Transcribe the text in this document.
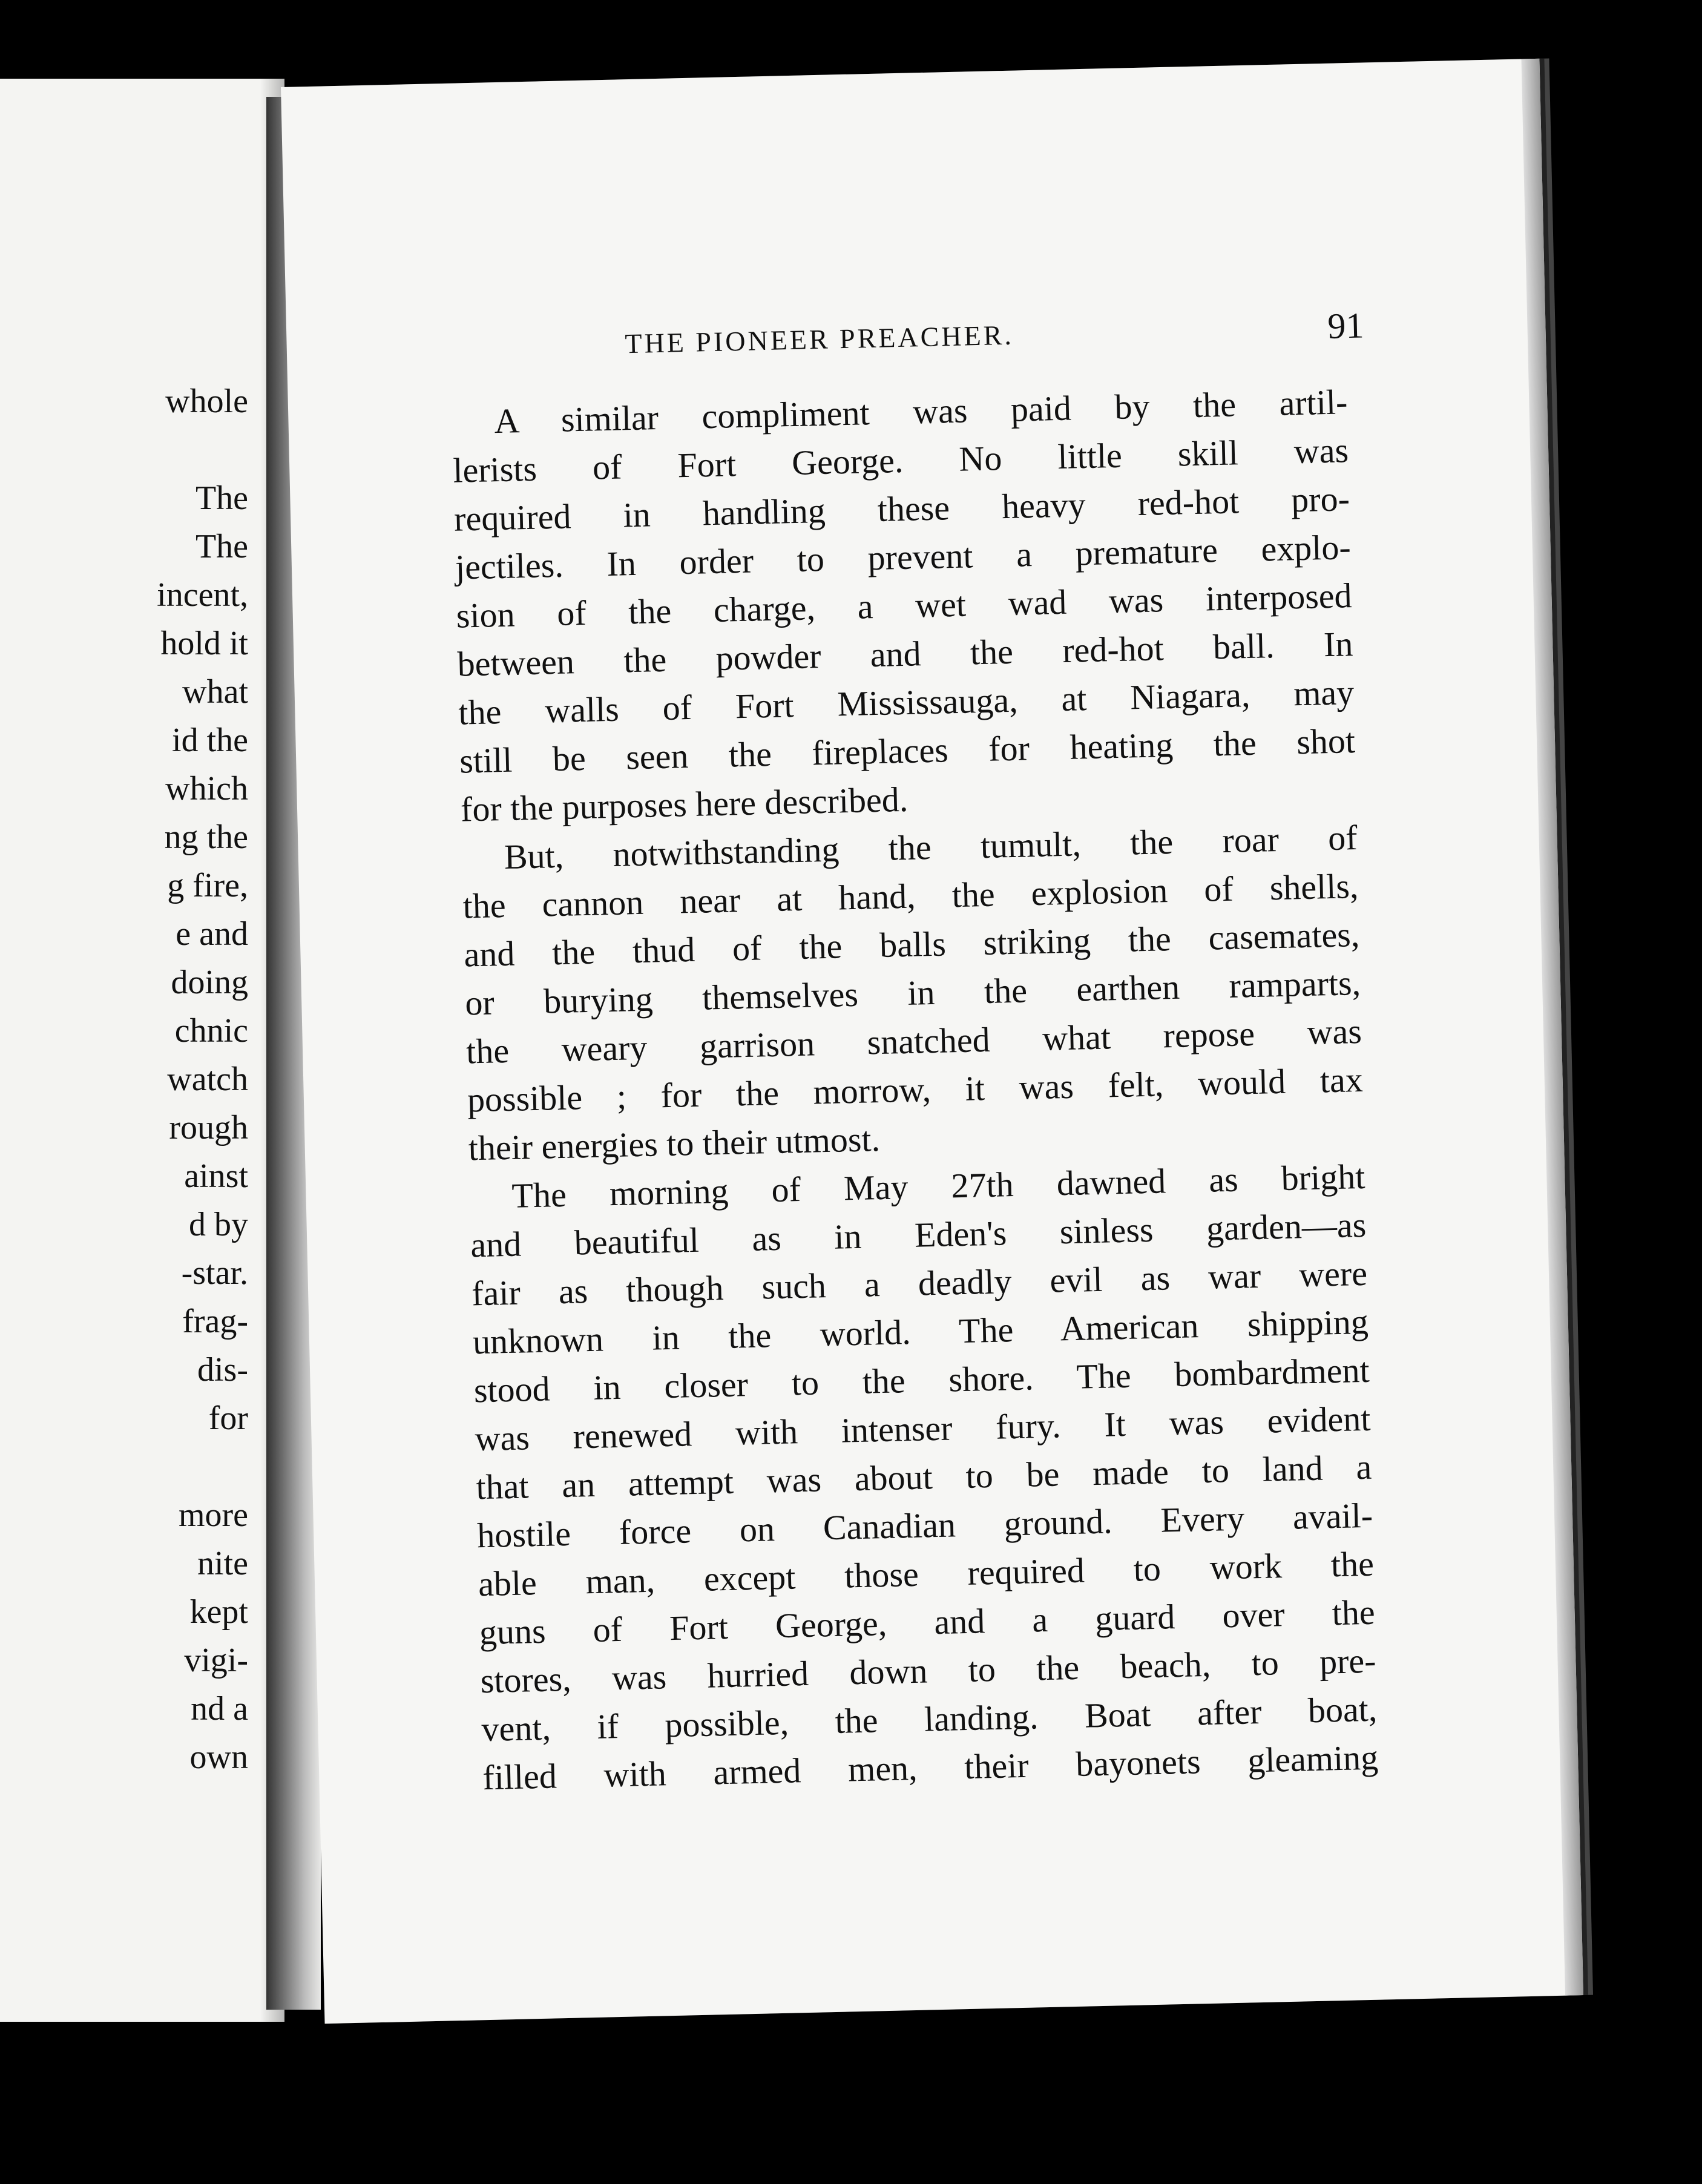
whole
The
The
incent,
hold it
what
id the
which
ng the
g fire,
e and
doing
chnic
watch
rough
ainst
d by
-star.
frag-
dis-
for
more
nite
kept
vigi-
nd a
own
THE PIONEER PREACHER.	91
A similar compliment was paid by the artil-
lerists of Fort George. No little skill was
required in handling these heavy red-hot pro-
jectiles. In order to prevent a premature explo-
sion of the charge, a wet wad was interposed
between the powder and the red-hot ball. In
the walls of Fort Mississauga, at Niagara, may
still be seen the fireplaces for heating the shot
for the purposes here described.
But, notwithstanding the tumult, the roar of
the cannon near at hand, the explosion of shells,
and the thud of the balls striking the casemates,
or burying themselves in the earthen ramparts,
the weary garrison snatched what repose was
possible ; for the morrow, it was felt, would tax
their energies to their utmost.
The morning of May 27th dawned as bright
and beautiful as in Eden's sinless garden—as
fair as though such a deadly evil as war were
unknown in the world. The American shipping
stood in closer to the shore. The bombardment
was renewed with intenser fury. It was evident
that an attempt was about to be made to land a
hostile force on Canadian ground. Every avail-
able man, except those required to work the
guns of Fort George, and a guard over the
stores, was hurried down to the beach, to pre-
vent, if possible, the landing. Boat after boat,
filled with armed men, their bayonets gleaming
